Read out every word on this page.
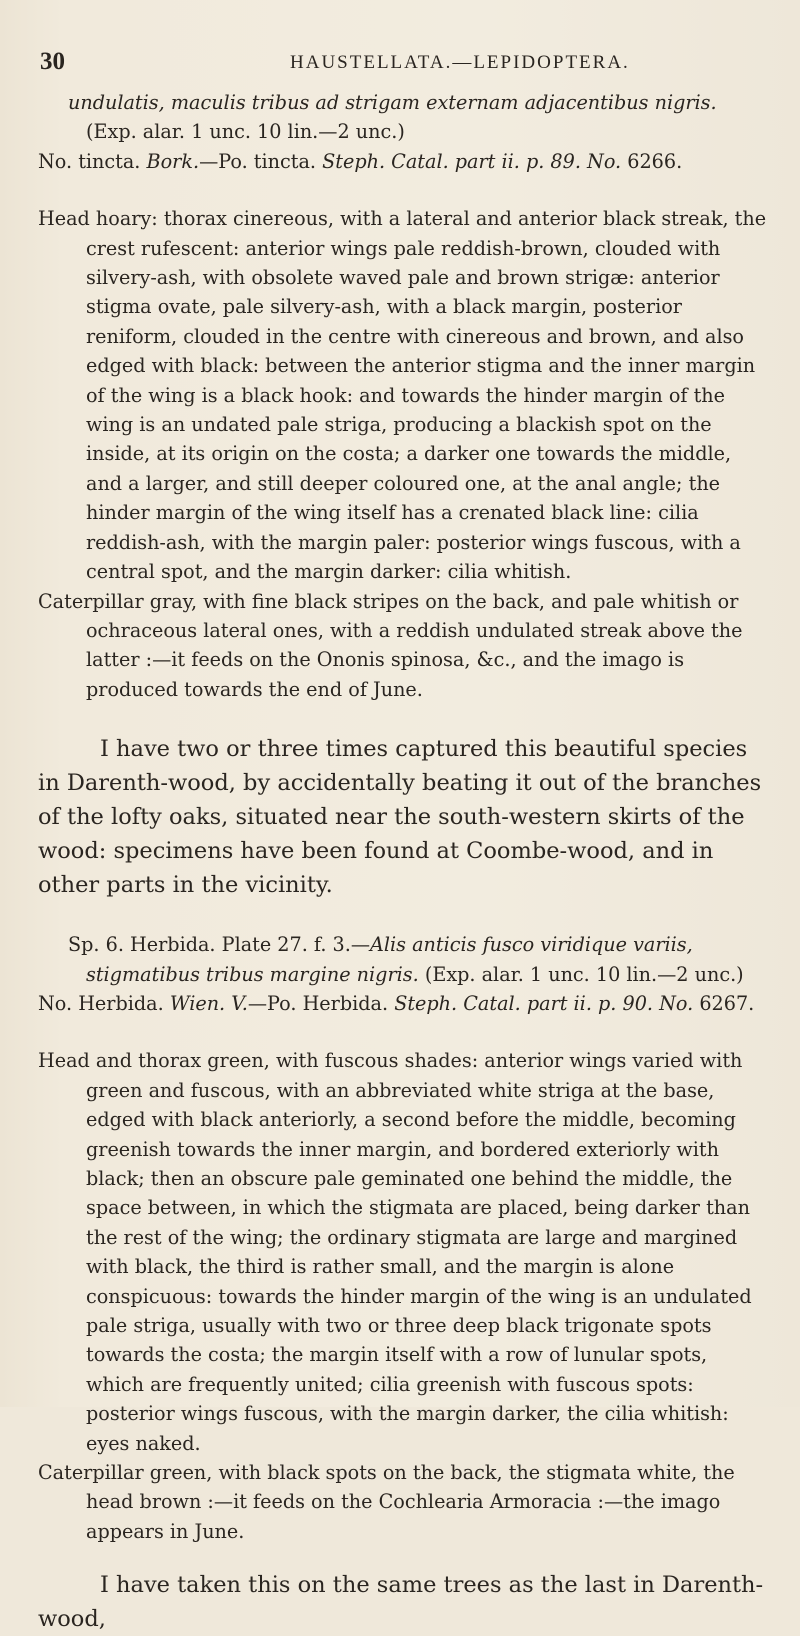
30	HAUSTELLATA.—LEPIDOPTERA.

undulatis, maculis tribus ad strigam externam adjacentibus nigris. (Exp. alar. 1 unc. 10 lin.—2 unc.)

No. tincta. Bork.—Po. tincta. Steph. Catal. part ii. p. 89. No. 6266.

Head hoary: thorax cinereous, with a lateral and anterior black streak, the crest rufescent: anterior wings pale reddish-brown, clouded with silvery-ash, with obsolete waved pale and brown strigæ: anterior stigma ovate, pale silvery-ash, with a black margin, posterior reniform, clouded in the centre with cinereous and brown, and also edged with black: between the anterior stigma and the inner margin of the wing is a black hook: and towards the hinder margin of the wing is an undated pale striga, producing a blackish spot on the inside, at its origin on the costa; a darker one towards the middle, and a larger, and still deeper coloured one, at the anal angle; the hinder margin of the wing itself has a crenated black line: cilia reddish-ash, with the margin paler: posterior wings fuscous, with a central spot, and the margin darker: cilia whitish.

Caterpillar gray, with fine black stripes on the back, and pale whitish or ochraceous lateral ones, with a reddish undulated streak above the latter :—it feeds on the Ononis spinosa, &c., and the imago is produced towards the end of June.

I have two or three times captured this beautiful species in Darenth-wood, by accidentally beating it out of the branches of the lofty oaks, situated near the south-western skirts of the wood: specimens have been found at Coombe-wood, and in other parts in the vicinity.

Sp. 6. Herbida. Plate 27. f. 3.—Alis anticis fusco viridique variis, stigmatibus tribus margine nigris. (Exp. alar. 1 unc. 10 lin.—2 unc.)

No. Herbida. Wien. V.—Po. Herbida. Steph. Catal. part ii. p. 90. No. 6267.

Head and thorax green, with fuscous shades: anterior wings varied with green and fuscous, with an abbreviated white striga at the base, edged with black anteriorly, a second before the middle, becoming greenish towards the inner margin, and bordered exteriorly with black; then an obscure pale geminated one behind the middle, the space between, in which the stigmata are placed, being darker than the rest of the wing; the ordinary stigmata are large and margined with black, the third is rather small, and the margin is alone conspicuous: towards the hinder margin of the wing is an undulated pale striga, usually with two or three deep black trigonate spots towards the costa; the margin itself with a row of lunular spots, which are frequently united; cilia greenish with fuscous spots: posterior wings fuscous, with the margin darker, the cilia whitish: eyes naked.

Caterpillar green, with black spots on the back, the stigmata white, the head brown :—it feeds on the Cochlearia Armoracia :—the imago appears in June.

I have taken this on the same trees as the last in Darenth-wood,
